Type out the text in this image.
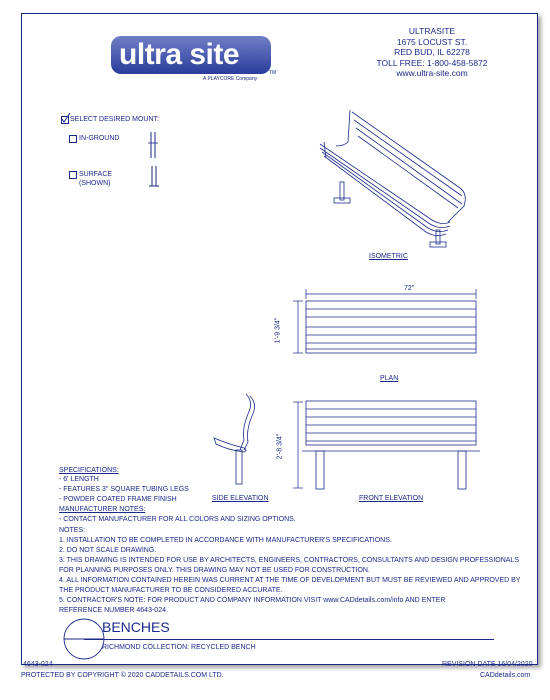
ultra site
TM
A PLAYCORE Company
ULTRASITE
1675 LOCUST ST.
RED BUD, IL 62278
TOLL FREE: 1-800-458-5872
www.ultra-site.com
SELECT DESIRED MOUNT:
IN-GROUND
SURFACE
(SHOWN)
ISOMETRIC
72"
1'-9 3/4"
PLAN
SIDE ELEVATION
2'-8 3/4"
FRONT ELEVATION
SPECIFICATIONS:
- 6' LENGTH
- FEATURES 3" SQUARE TUBING LEGS
- POWDER COATED FRAME FINISH
MANUFACTURER NOTES:
- CONTACT MANUFACTURER FOR ALL COLORS AND SIZING OPTIONS.
NOTES:
1. INSTALLATION TO BE COMPLETED IN ACCORDANCE WITH MANUFACTURER'S SPECIFICATIONS.
2. DO NOT SCALE DRAWING.
3. THIS DRAWING IS INTENDED FOR USE BY ARCHITECTS, ENGINEERS, CONTRACTORS, CONSULTANTS AND DESIGN PROFESSIONALS
FOR PLANNING PURPOSES ONLY. THIS DRAWING MAY NOT BE USED FOR CONSTRUCTION.
4. ALL INFORMATION CONTAINED HEREIN WAS CURRENT AT THE TIME OF DEVELOPMENT BUT MUST BE REVIEWED AND APPROVED BY
THE PRODUCT MANUFACTURER TO BE CONSIDERED ACCURATE.
5. CONTRACTOR'S NOTE: FOR PRODUCT AND COMPANY INFORMATION VISIT www.CADdetails.com/info AND ENTER
REFERENCE NUMBER 4643-024.
BENCHES
RICHMOND COLLECTION: RECYCLED BENCH
4643-024	REVISION DATE 16/04/2020
PROTECTED BY COPYRIGHT © 2020 CADDETAILS.COM LTD.	CADdetails.com
